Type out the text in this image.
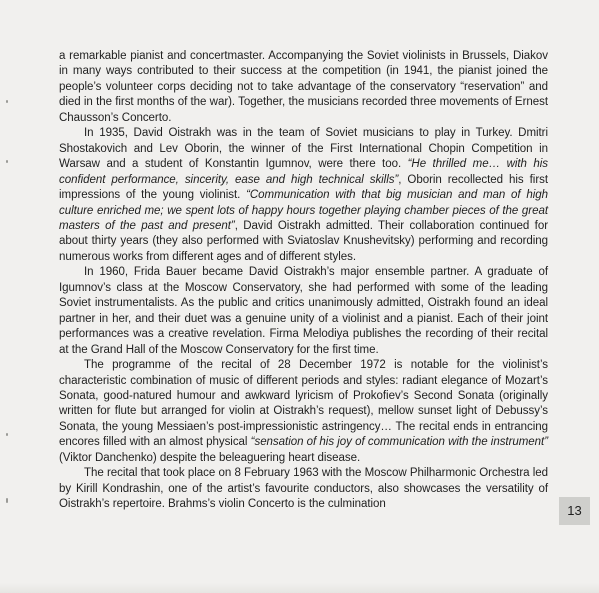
a remarkable pianist and concertmaster. Accompanying the Soviet violinists in Brussels, Diakov in many ways contributed to their success at the competition (in 1941, the pianist joined the people’s volunteer corps deciding not to take advantage of the conservatory “reservation” and died in the first months of the war). Together, the musicians recorded three movements of Ernest Chausson’s Concerto.

In 1935, David Oistrakh was in the team of Soviet musicians to play in Turkey. Dmitri Shostakovich and Lev Oborin, the winner of the First International Chopin Competition in Warsaw and a student of Konstantin Igumnov, were there too. “He thrilled me… with his confident performance, sincerity, ease and high technical skills”, Oborin recollected his first impressions of the young violinist. “Communication with that big musician and man of high culture enriched me; we spent lots of happy hours together playing chamber pieces of the great masters of the past and present”, David Oistrakh admitted. Their collaboration continued for about thirty years (they also performed with Sviatoslav Knushevitsky) performing and recording numerous works from different ages and of different styles.

In 1960, Frida Bauer became David Oistrakh’s major ensemble partner. A graduate of Igumnov’s class at the Moscow Conservatory, she had performed with some of the leading Soviet instrumentalists. As the public and critics unanimously admitted, Oistrakh found an ideal partner in her, and their duet was a genuine unity of a violinist and a pianist. Each of their joint performances was a creative revelation. Firma Melodiya publishes the recording of their recital at the Grand Hall of the Moscow Conservatory for the first time.

The programme of the recital of 28 December 1972 is notable for the violinist’s characteristic combination of music of different periods and styles: radiant elegance of Mozart’s Sonata, good-natured humour and awkward lyricism of Prokofiev’s Second Sonata (originally written for flute but arranged for violin at Oistrakh’s request), mellow sunset light of Debussy’s Sonata, the young Messiaen’s post-impressionistic astringency… The recital ends in entrancing encores filled with an almost physical “sensation of his joy of communication with the instrument” (Viktor Danchenko) despite the beleaguering heart disease.

The recital that took place on 8 February 1963 with the Moscow Philharmonic Orchestra led by Kirill Kondrashin, one of the artist’s favourite conductors, also showcases the versatility of Oistrakh’s repertoire. Brahms’s violin Concerto is the culmination	13
